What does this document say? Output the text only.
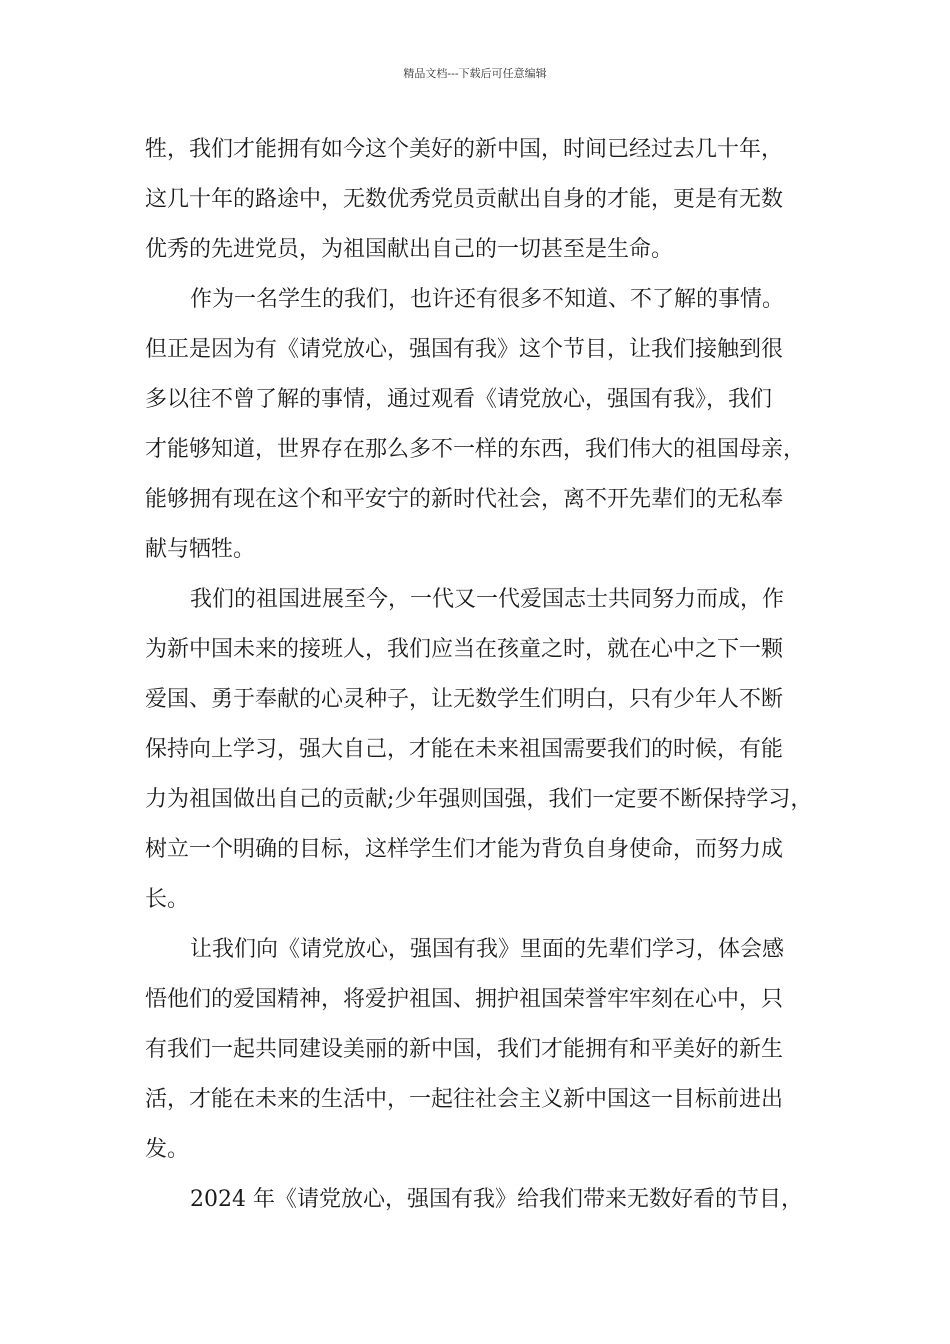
精品文档---下载后可任意编辑
牲，我们才能拥有如今这个美好的新中国，时间已经过去几十年，
这几十年的路途中，无数优秀党员贡献出自身的才能，更是有无数
优秀的先进党员，为祖国献出自己的一切甚至是生命。
作为一名学生的我们，也许还有很多不知道、不了解的事情。
但正是因为有《请党放心，强国有我》这个节目，让我们接触到很
多以往不曾了解的事情，通过观看《请党放心，强国有我》，我们
才能够知道，世界存在那么多不一样的东西，我们伟大的祖国母亲，
能够拥有现在这个和平安宁的新时代社会，离不开先辈们的无私奉
献与牺牲。
我们的祖国进展至今，一代又一代爱国志士共同努力而成，作
为新中国未来的接班人，我们应当在孩童之时，就在心中之下一颗
爱国、勇于奉献的心灵种子，让无数学生们明白，只有少年人不断
保持向上学习，强大自己，才能在未来祖国需要我们的时候，有能
力为祖国做出自己的贡献;少年强则国强，我们一定要不断保持学习，
树立一个明确的目标，这样学生们才能为背负自身使命，而努力成
长。
让我们向《请党放心，强国有我》里面的先辈们学习，体会感
悟他们的爱国精神，将爱护祖国、拥护祖国荣誉牢牢刻在心中，只
有我们一起共同建设美丽的新中国，我们才能拥有和平美好的新生
活，才能在未来的生活中，一起往社会主义新中国这一目标前进出
发。
2024 年《请党放心，强国有我》给我们带来无数好看的节目，
